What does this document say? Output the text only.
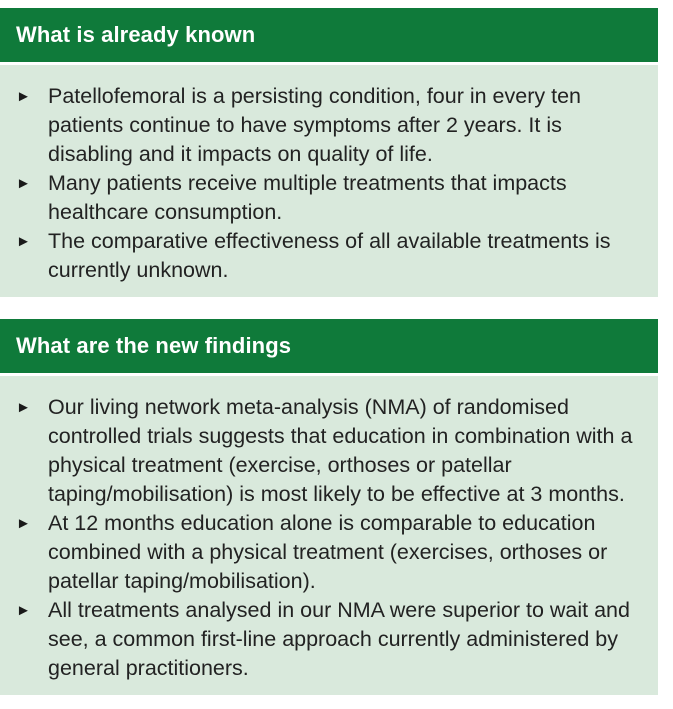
What is already known
► Patellofemoral is a persisting condition, four in every ten patients continue to have symptoms after 2 years. It is disabling and it impacts on quality of life.
► Many patients receive multiple treatments that impacts healthcare consumption.
► The comparative effectiveness of all available treatments is currently unknown.
What are the new findings
► Our living network meta-analysis (NMA) of randomised controlled trials suggests that education in combination with a physical treatment (exercise, orthoses or patellar taping/mobilisation) is most likely to be effective at 3 months.
► At 12 months education alone is comparable to education combined with a physical treatment (exercises, orthoses or patellar taping/mobilisation).
► All treatments analysed in our NMA were superior to wait and see, a common first-line approach currently administered by general practitioners.
